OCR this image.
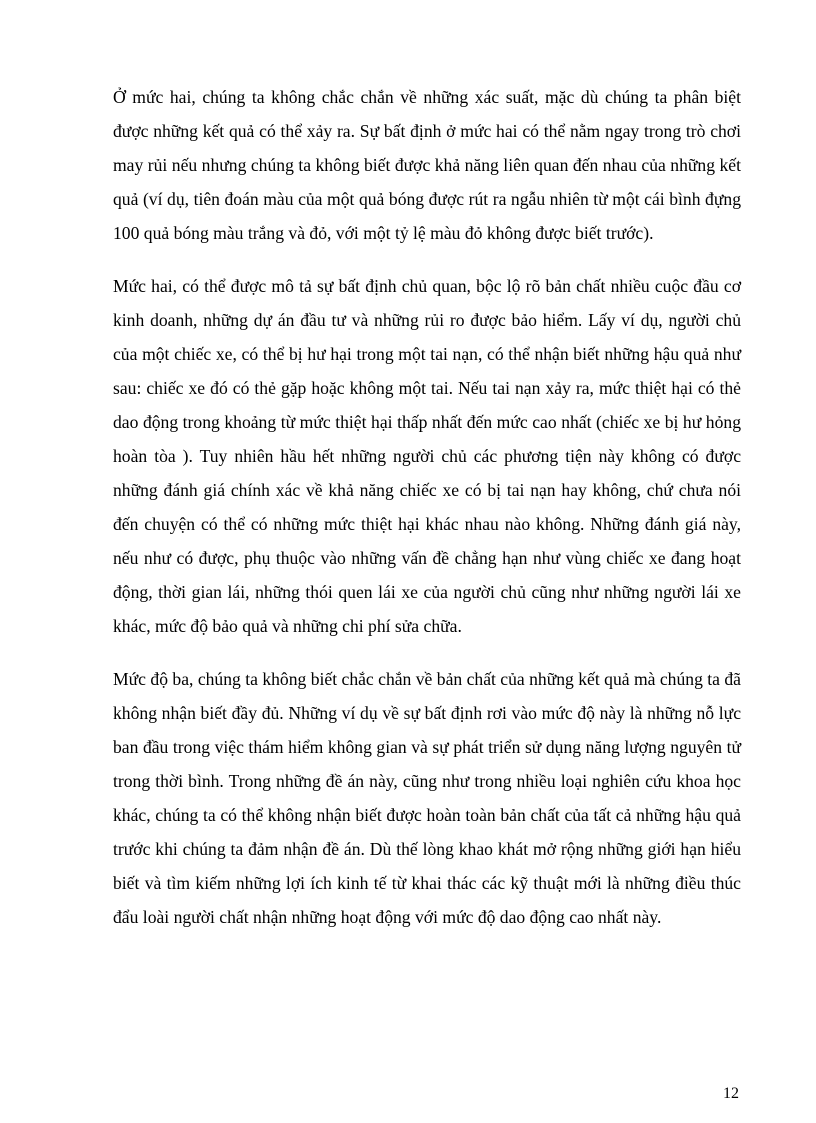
Ở mức hai, chúng ta không chắc chắn về những xác suất, mặc dù chúng ta phân biệt được những kết quả có thể xảy ra. Sự bất định ở mức hai có thể nằm ngay trong trò chơi may rủi nếu nhưng chúng ta không biết được khả năng liên quan đến nhau của những kết quả (ví dụ, tiên đoán màu của một quả bóng được rút ra ngẫu nhiên từ một cái bình đựng 100 quả bóng màu trắng và đỏ, với một tỷ lệ màu đỏ không được biết trước).

Mức hai, có thể được mô tả sự bất định chủ quan, bộc lộ rõ bản chất nhiều cuộc đầu cơ kinh doanh, những dự án đầu tư và những rủi ro được bảo hiểm. Lấy ví dụ, người chủ của một chiếc xe, có thể bị hư hại trong một tai nạn, có thể nhận biết những hậu quả như sau: chiếc xe đó có thẻ gặp hoặc không một tai. Nếu tai nạn xảy ra, mức thiệt hại có thẻ dao động trong khoảng từ mức thiệt hại thấp nhất đến mức cao nhất (chiếc xe bị hư hỏng hoàn tòa ). Tuy nhiên hầu hết những người chủ các phương tiện này không có được những đánh giá chính xác về khả năng chiếc xe có bị tai nạn hay không, chứ chưa nói đến chuyện có thể có những mức thiệt hại khác nhau nào không. Những đánh giá này, nếu như có được, phụ thuộc vào những vấn đề chẳng hạn như vùng chiếc xe đang hoạt động, thời gian lái, những thói quen lái xe của người chủ cũng như những người lái xe khác, mức độ bảo quả và những chi phí sửa chữa.

Mức độ ba, chúng ta không biết chắc chắn về bản chất của những kết quả mà chúng ta đã không nhận biết đầy đủ. Những ví dụ về sự bất định rơi vào mức độ này là những nỗ lực ban đầu trong việc thám hiểm không gian và sự phát triển sử dụng năng lượng nguyên tử trong thời bình. Trong những đề án này, cũng như trong nhiều loại nghiên cứu khoa học khác, chúng ta có thể không nhận biết được hoàn toàn bản chất của tất cả những hậu quả trước khi chúng ta đảm nhận đề án. Dù thế lòng khao khát mở rộng những giới hạn hiểu biết và tìm kiếm những lợi ích kinh tế từ khai thác các kỹ thuật mới là những điều thúc đẩu loài người chất nhận những hoạt động với mức độ dao động cao nhất này.

12
